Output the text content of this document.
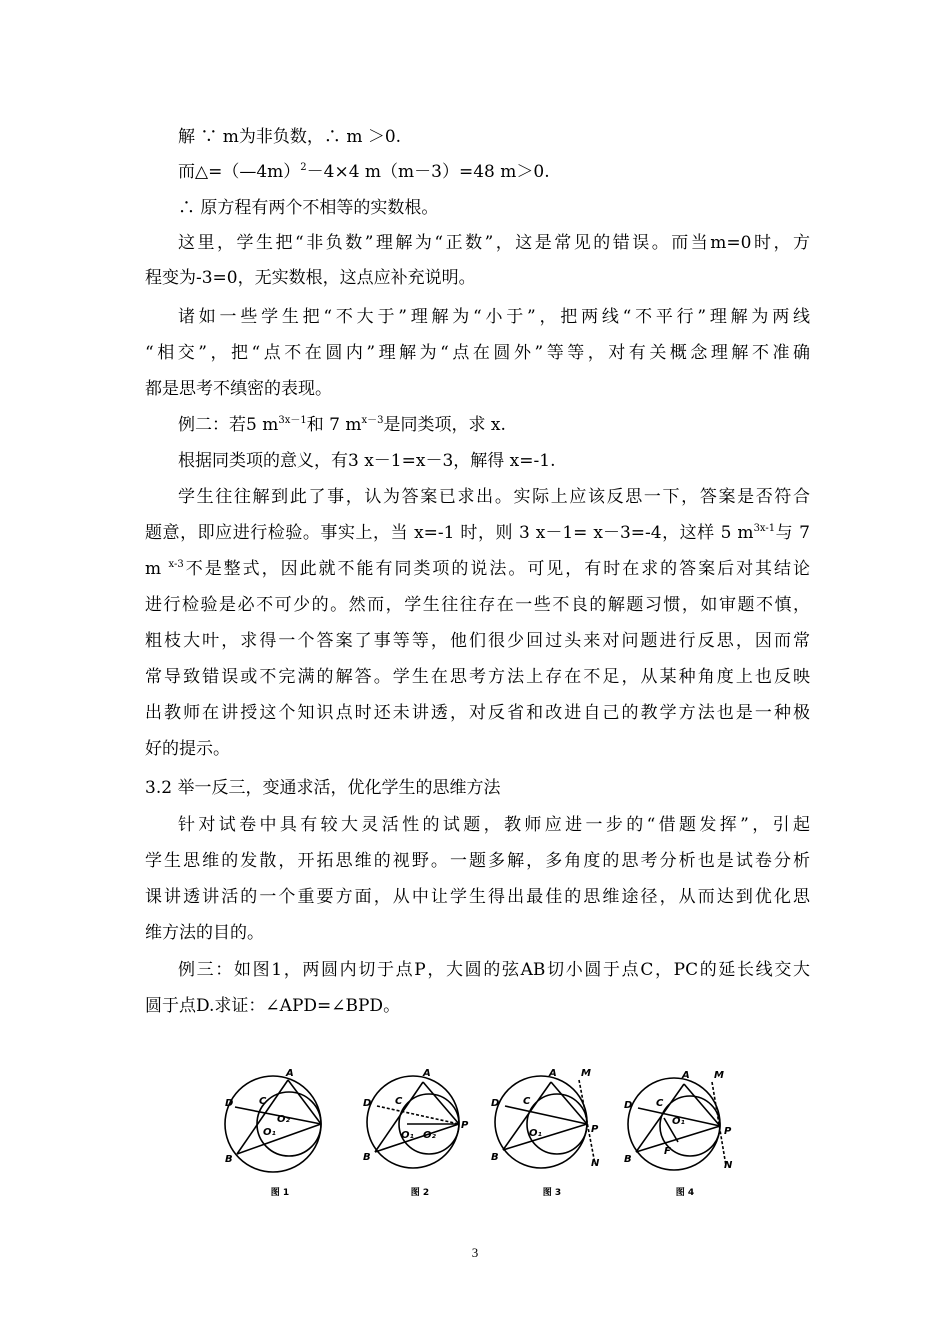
解 ∵ m为非负数，∴ m ＞0.
而△=（—4m）$^2$－4×4 m（m－3）=48 m＞0.
∴ 原方程有两个不相等的实数根。
这里，学生把“非负数”理解为“正数”，这是常见的错误。而当m=0时，方
程变为-3=0，无实数根，这点应补充说明。
诸如一些学生把“不大于”理解为“小于”，把两线“不平行”理解为两线
“相交”，把“点不在圆内”理解为“点在圆外”等等，对有关概念理解不准确
都是思考不缜密的表现。
例二：若5 $m^{3x-1}$和 7 $m^{x-3}$是同类项，求 x.
根据同类项的意义，有3 x－1=x－3，解得 x=-1.
学生往往解到此了事，认为答案已求出。实际上应该反思一下，答案是否符合
题意，即应进行检验。事实上，当 x=-1 时，则 3 x－1= x－3=-4，这样 5 $m^{3x-1}$与 7
m $^{x-3}$不是整式，因此就不能有同类项的说法。可见，有时在求的答案后对其结论
进行检验是必不可少的。然而，学生往往存在一些不良的解题习惯，如审题不慎，
粗枝大叶，求得一个答案了事等等，他们很少回过头来对问题进行反思，因而常
常导致错误或不完满的解答。学生在思考方法上存在不足，从某种角度上也反映
出教师在讲授这个知识点时还未讲透，对反省和改进自己的教学方法也是一种极
好的提示。
3.2 举一反三，变通求活，优化学生的思维方法
针对试卷中具有较大灵活性的试题，教师应进一步的“借题发挥”，引起
学生思维的发散，开拓思维的视野。一题多解，多角度的思考分析也是试卷分析
课讲透讲活的一个重要方面，从中让学生得出最佳的思维途径，从而达到优化思
维方法的目的。
例三：如图1，两圆内切于点P，大圆的弦AB切小圆于点C，PC的延长线交大
圆于点D.求证：∠APD=∠BPD。
A
D	C
O₂
O₁
B
图 1
A
D C
O₁ O₂
P
B
图 2
A M
D C
O₁	P
B
N
图 3
A M
D C
O₁
P
F
B
N
图 4
3
